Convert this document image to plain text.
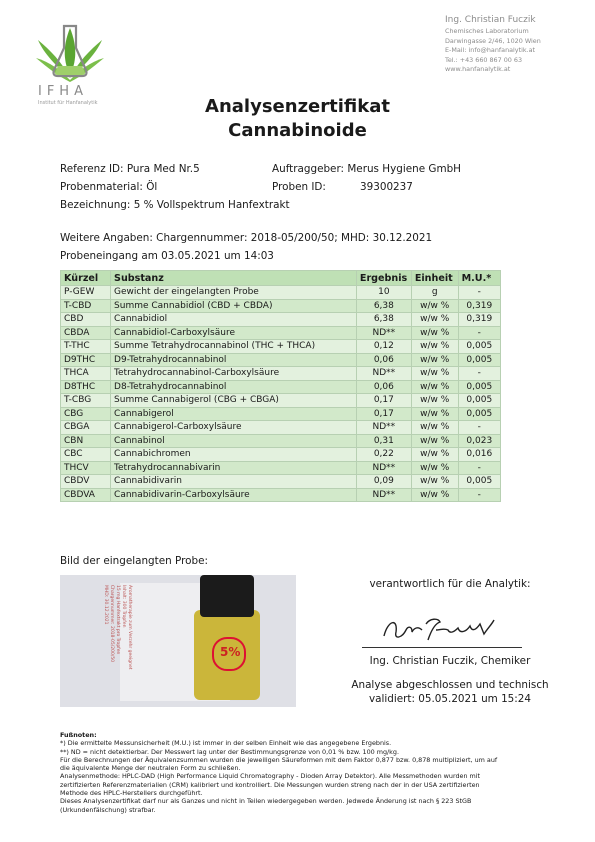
IFHA
Institut für Hanfanalytik
Ing. Christian Fuczik
Chemisches Laboratorium
Darwingasse 2/46, 1020 Wien
E-Mail: info@hanfanalytik.at
Tel.: +43 660 867 00 63
www.hanfanalytik.at
Analysenzertifikat
Cannabinoide
Referenz ID: Pura Med Nr.5	Auftraggeber: Merus Hygiene GmbH
Probenmaterial: Öl	Proben ID:	39300237
Bezeichnung: 5 % Vollspektrum Hanfextrakt
Weitere Angaben: Chargennummer: 2018-05/200/50; MHD: 30.12.2021
Probeneingang am 03.05.2021 um 14:03
Kürzel	Substanz	Ergebnis	Einheit	M.U.*
P-GEW	Gewicht der eingelangten Probe	10	g	-
T-CBD	Summe Cannabidiol (CBD + CBDA)	6,38	w/w %	0,319
CBD	Cannabidiol	6,38	w/w %	0,319
CBDA	Cannabidiol-Carboxylsäure	ND**	w/w %	-
T-THC	Summe Tetrahydrocannabinol (THC + THCA)	0,12	w/w %	0,005
D9THC	D9-Tetrahydrocannabinol	0,06	w/w %	0,005
THCA	Tetrahydrocannabinol-Carboxylsäure	ND**	w/w %	-
D8THC	D8-Tetrahydrocannabinol	0,06	w/w %	0,005
T-CBG	Summe Cannabigerol (CBG + CBGA)	0,17	w/w %	0,005
CBG	Cannabigerol	0,17	w/w %	0,005
CBGA	Cannabigerol-Carboxylsäure	ND**	w/w %	-
CBN	Cannabinol	0,31	w/w %	0,023
CBC	Cannabichromen	0,22	w/w %	0,016
THCV	Tetrahydrocannabivarin	ND**	w/w %	-
CBDV	Cannabidivarin	0,09	w/w %	0,005
CBDVA	Cannabidivarin-Carboxylsäure	ND**	w/w %	-
Bild der eingelangten Probe:
Aromatherapie zum Verzehr geeignet
Inhalt: 300 Tropfen
15 mg Hanfextrakt pro Tropfen
Chargennummer: 2018-05/200/50
MHD: 30.12.2021
5%
verantwortlich für die Analytik:
Ing. Christian Fuczik, Chemiker
Analyse abgeschlossen und technisch
validiert: 05.05.2021 um 15:24
Fußnoten:
*) Die ermittelte Messunsicherheit (M.U.) ist immer in der selben Einheit wie das angegebene Ergebnis.
**) ND = nicht detektierbar. Der Messwert lag unter der Bestimmungsgrenze von 0,01 % bzw. 100 mg/kg.
Für die Berechnungen der Äquivalenzsummen wurden die jeweiligen Säureformen mit dem Faktor 0,877 bzw. 0,878 multipliziert, um auf
die äquivalente Menge der neutralen Form zu schließen.
Analysenmethode: HPLC-DAD (High Performance Liquid Chromatography - Dioden Array Detektor). Alle Messmethoden wurden mit
zertifizierten Referenzmaterialien (CRM) kalibriert und kontrolliert. Die Messungen wurden streng nach der in der USA zertifizierten
Methode des HPLC-Herstellers durchgeführt.
Dieses Analysenzertifikat darf nur als Ganzes und nicht in Teilen wiedergegeben werden. Jedwede Änderung ist nach § 223 StGB
(Urkundenfälschung) strafbar.
